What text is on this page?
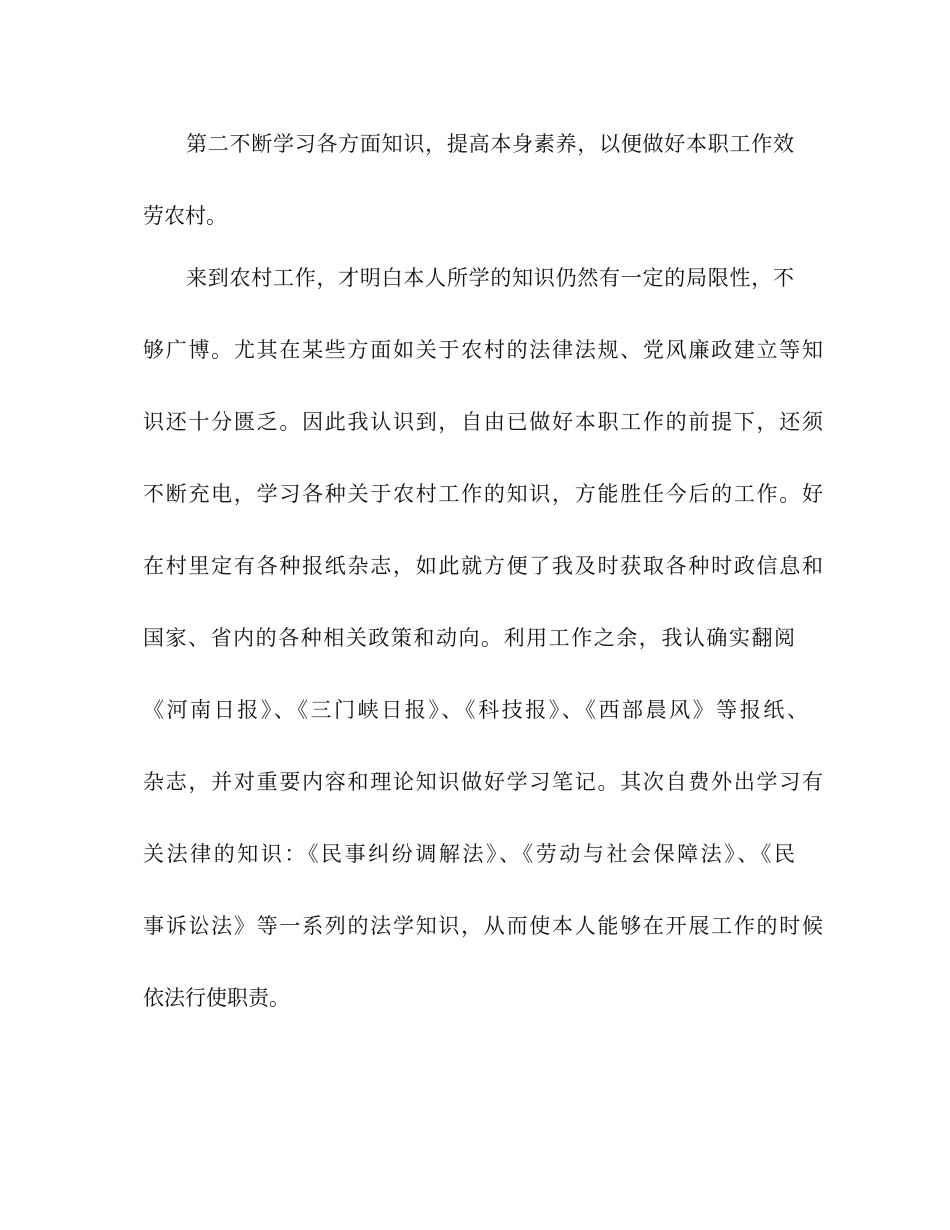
第二不断学习各方面知识，提高本身素养，以便做好本职工作效
劳农村。
来到农村工作，才明白本人所学的知识仍然有一定的局限性，不
够广博。尤其在某些方面如关于农村的法律法规、党风廉政建立等知
识还十分匮乏。因此我认识到，自由已做好本职工作的前提下，还须
不断充电，学习各种关于农村工作的知识，方能胜任今后的工作。好
在村里定有各种报纸杂志，如此就方便了我及时获取各种时政信息和
国家、省内的各种相关政策和动向。利用工作之余，我认确实翻阅
《河南日报》、《三门峡日报》、《科技报》、《西部晨风》等报纸、
杂志，并对重要内容和理论知识做好学习笔记。其次自费外出学习有
关法律的知识：《民事纠纷调解法》、《劳动与社会保障法》、《民
事诉讼法》等一系列的法学知识，从而使本人能够在开展工作的时候
依法行使职责。
